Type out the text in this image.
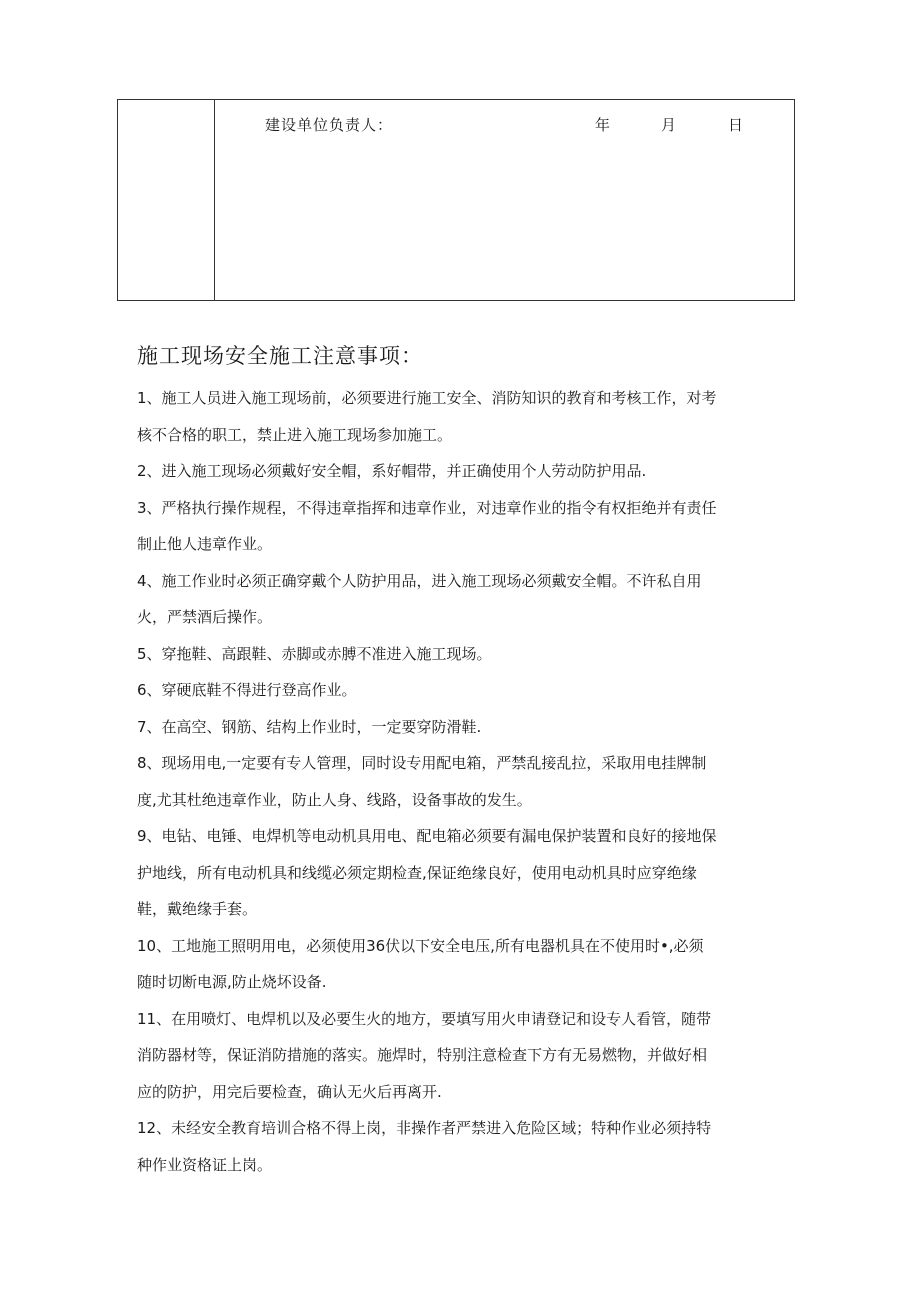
建设单位负责人：	年	月	日
施工现场安全施工注意事项：
1、施工人员进入施工现场前，必须要进行施工安全、消防知识的教育和考核工作，对考
核不合格的职工，禁止进入施工现场参加施工。
2、进入施工现场必须戴好安全帽，系好帽带，并正确使用个人劳动防护用品.
3、严格执行操作规程，不得违章指挥和违章作业，对违章作业的指令有权拒绝并有责任
制止他人违章作业。
4、施工作业时必须正确穿戴个人防护用品，进入施工现场必须戴安全帽。不许私自用
火，严禁酒后操作。
5、穿拖鞋、高跟鞋、赤脚或赤膊不准进入施工现场。
6、穿硬底鞋不得进行登高作业。
7、在高空、钢筋、结构上作业时，一定要穿防滑鞋.
8、现场用电,一定要有专人管理，同时设专用配电箱，严禁乱接乱拉，采取用电挂牌制
度,尤其杜绝违章作业，防止人身、线路，设备事故的发生。
9、电钻、电锤、电焊机等电动机具用电、配电箱必须要有漏电保护装置和良好的接地保
护地线，所有电动机具和线缆必须定期检查,保证绝缘良好，使用电动机具时应穿绝缘
鞋，戴绝缘手套。
10、工地施工照明用电，必须使用36伏以下安全电压,所有电器机具在不使用时•,必须
随时切断电源,防止烧坏设备.
11、在用喷灯、电焊机以及必要生火的地方，要填写用火申请登记和设专人看管，随带
消防器材等，保证消防措施的落实。施焊时，特别注意检查下方有无易燃物，并做好相
应的防护，用完后要检查，确认无火后再离开.
12、未经安全教育培训合格不得上岗，非操作者严禁进入危险区域；特种作业必须持特
种作业资格证上岗。
